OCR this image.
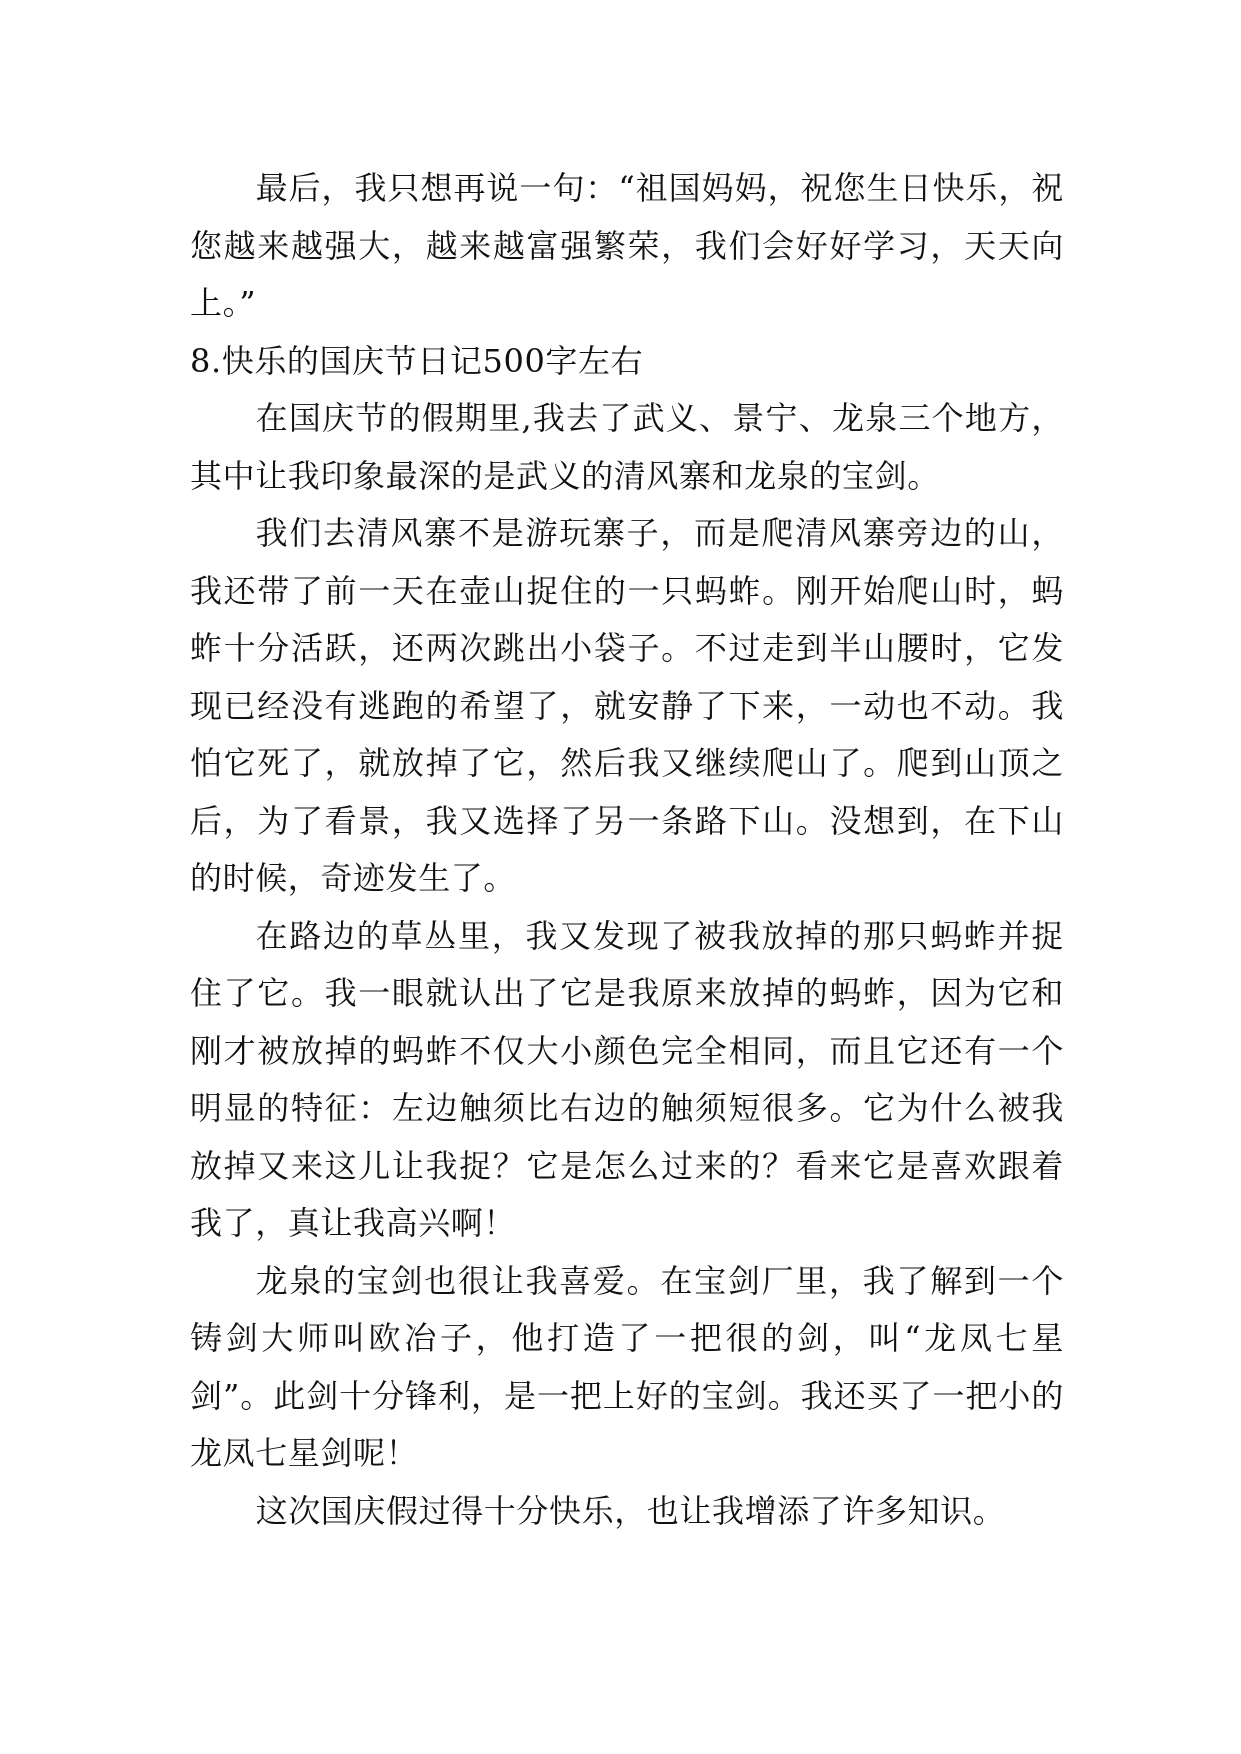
最后，我只想再说一句：“祖国妈妈，祝您生日快乐，祝您越来越强大，越来越富强繁荣，我们会好好学习，天天向上。”

8.快乐的国庆节日记500字左右

在国庆节的假期里,我去了武义、景宁、龙泉三个地方，其中让我印象最深的是武义的清风寨和龙泉的宝剑。

我们去清风寨不是游玩寨子，而是爬清风寨旁边的山，我还带了前一天在壶山捉住的一只蚂蚱。刚开始爬山时，蚂蚱十分活跃，还两次跳出小袋子。不过走到半山腰时，它发现已经没有逃跑的希望了，就安静了下来，一动也不动。我怕它死了，就放掉了它，然后我又继续爬山了。爬到山顶之后，为了看景，我又选择了另一条路下山。没想到，在下山的时候，奇迹发生了。

在路边的草丛里，我又发现了被我放掉的那只蚂蚱并捉住了它。我一眼就认出了它是我原来放掉的蚂蚱，因为它和刚才被放掉的蚂蚱不仅大小颜色完全相同，而且它还有一个明显的特征：左边触须比右边的触须短很多。它为什么被我放掉又来这儿让我捉？它是怎么过来的？看来它是喜欢跟着我了，真让我高兴啊！

龙泉的宝剑也很让我喜爱。在宝剑厂里，我了解到一个铸剑大师叫欧冶子，他打造了一把很的剑，叫“龙凤七星剑”。此剑十分锋利，是一把上好的宝剑。我还买了一把小的龙凤七星剑呢！

这次国庆假过得十分快乐，也让我增添了许多知识。
